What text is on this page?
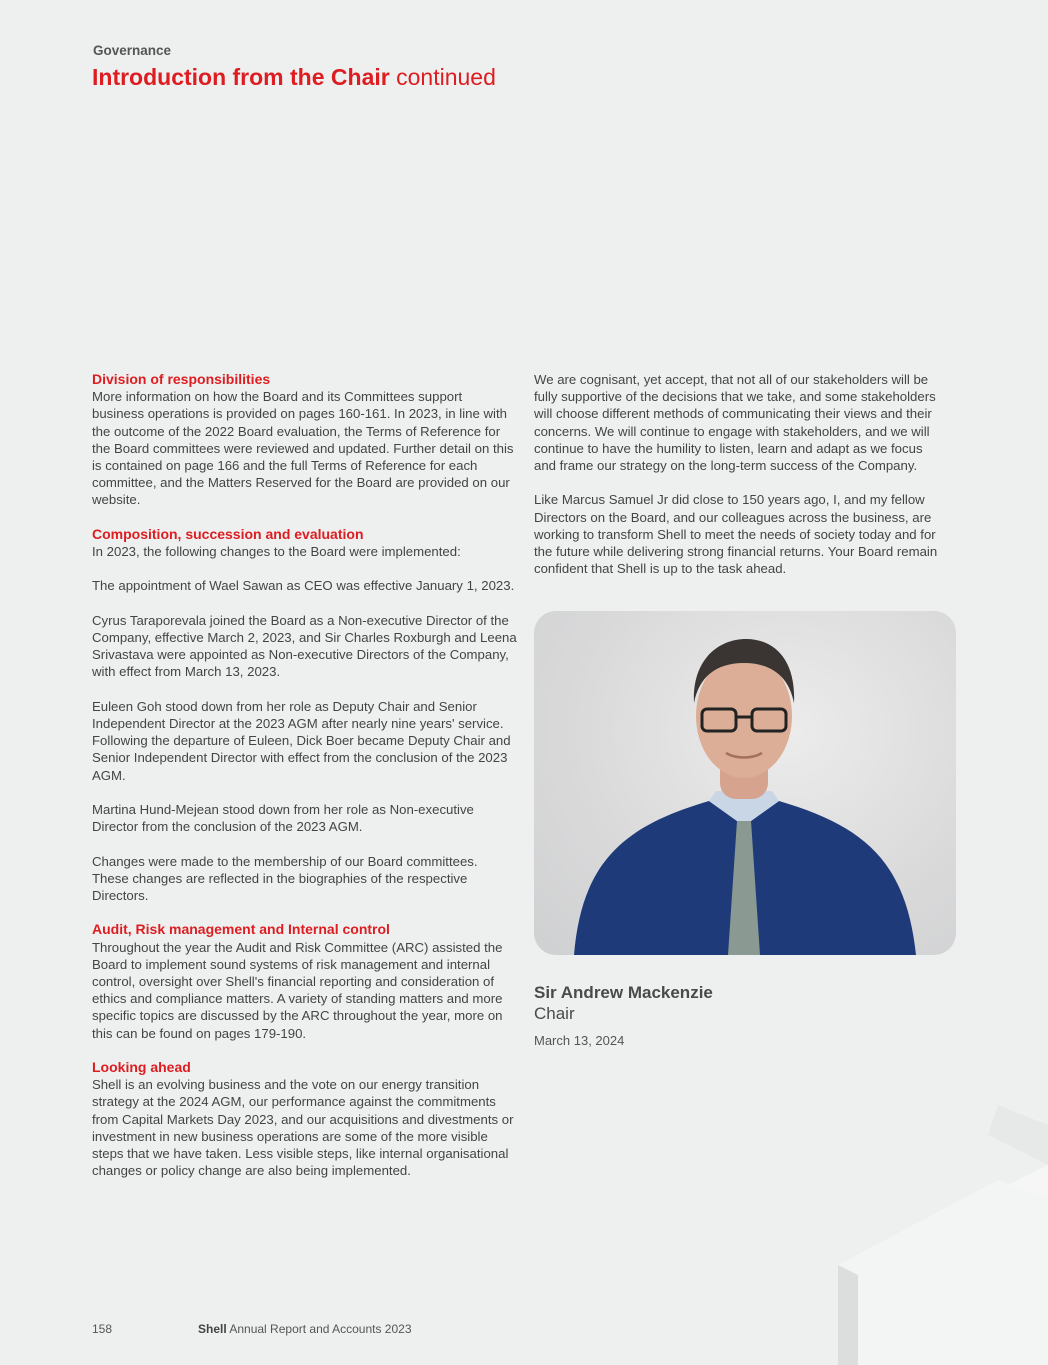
Governance
Introduction from the Chair continued
Division of responsibilities

More information on how the Board and its Committees support business operations is provided on pages 160-161. In 2023, in line with the outcome of the 2022 Board evaluation, the Terms of Reference for the Board committees were reviewed and updated. Further detail on this is contained on page 166 and the full Terms of Reference for each committee, and the Matters Reserved for the Board are provided on our website.

Composition, succession and evaluation

In 2023, the following changes to the Board were implemented:

The appointment of Wael Sawan as CEO was effective January 1, 2023.

Cyrus Taraporevala joined the Board as a Non-executive Director of the Company, effective March 2, 2023, and Sir Charles Roxburgh and Leena Srivastava were appointed as Non-executive Directors of the Company, with effect from March 13, 2023.

Euleen Goh stood down from her role as Deputy Chair and Senior Independent Director at the 2023 AGM after nearly nine years' service. Following the departure of Euleen, Dick Boer became Deputy Chair and Senior Independent Director with effect from the conclusion of the 2023 AGM.

Martina Hund-Mejean stood down from her role as Non-executive Director from the conclusion of the 2023 AGM.

Changes were made to the membership of our Board committees. These changes are reflected in the biographies of the respective Directors.

Audit, Risk management and Internal control

Throughout the year the Audit and Risk Committee (ARC) assisted the Board to implement sound systems of risk management and internal control, oversight over Shell's financial reporting and consideration of ethics and compliance matters. A variety of standing matters and more specific topics are discussed by the ARC throughout the year, more on this can be found on pages 179-190.

Looking ahead

Shell is an evolving business and the vote on our energy transition strategy at the 2024 AGM, our performance against the commitments from Capital Markets Day 2023, and our acquisitions and divestments or investment in new business operations are some of the more visible steps that we have taken. Less visible steps, like internal organisational changes or policy change are also being implemented.

We are cognisant, yet accept, that not all of our stakeholders will be fully supportive of the decisions that we take, and some stakeholders will choose different methods of communicating their views and their concerns. We will continue to engage with stakeholders, and we will continue to have the humility to listen, learn and adapt as we focus and frame our strategy on the long-term success of the Company.

Like Marcus Samuel Jr did close to 150 years ago, I, and my fellow Directors on the Board, and our colleagues across the business, are working to transform Shell to meet the needs of society today and for the future while delivering strong financial returns. Your Board remain confident that Shell is up to the task ahead.

Sir Andrew Mackenzie
Chair
March 13, 2024
158	Shell Annual Report and Accounts 2023
